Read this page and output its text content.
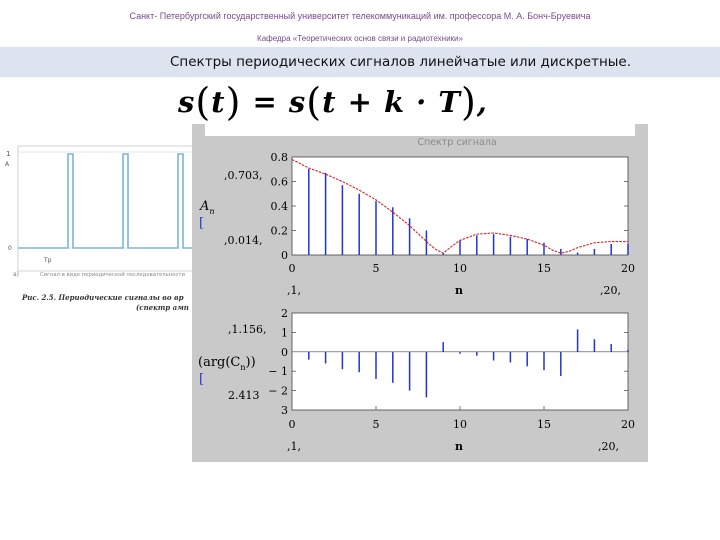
Санкт- Петербургский государственный университет телекоммуникаций им. профессора М. А. Бонч-Бруевича
Кафедра «Теоретических основ связи и радиотехники»
Спектры периодических сигналов линейчатые или дискретные.
s(t) = s(t + k · T),
1
A
0
Tp
а)	Сигнал в виде периодической последовательности
Рис. 2.5. Периодические сигналы во вр
(спектр амп
Спектр сигнала
,0.703,
$A_n$
[
,0.014,
0.8
0.6
0.4
0.2
0
0	5	10	15	20
,1,	n	,20,
,1.156,
$(arg(C_n))$
[
2.413
2
1
0
− 1
− 2
3
0	5	10	15	20
,1,	n	,20,
